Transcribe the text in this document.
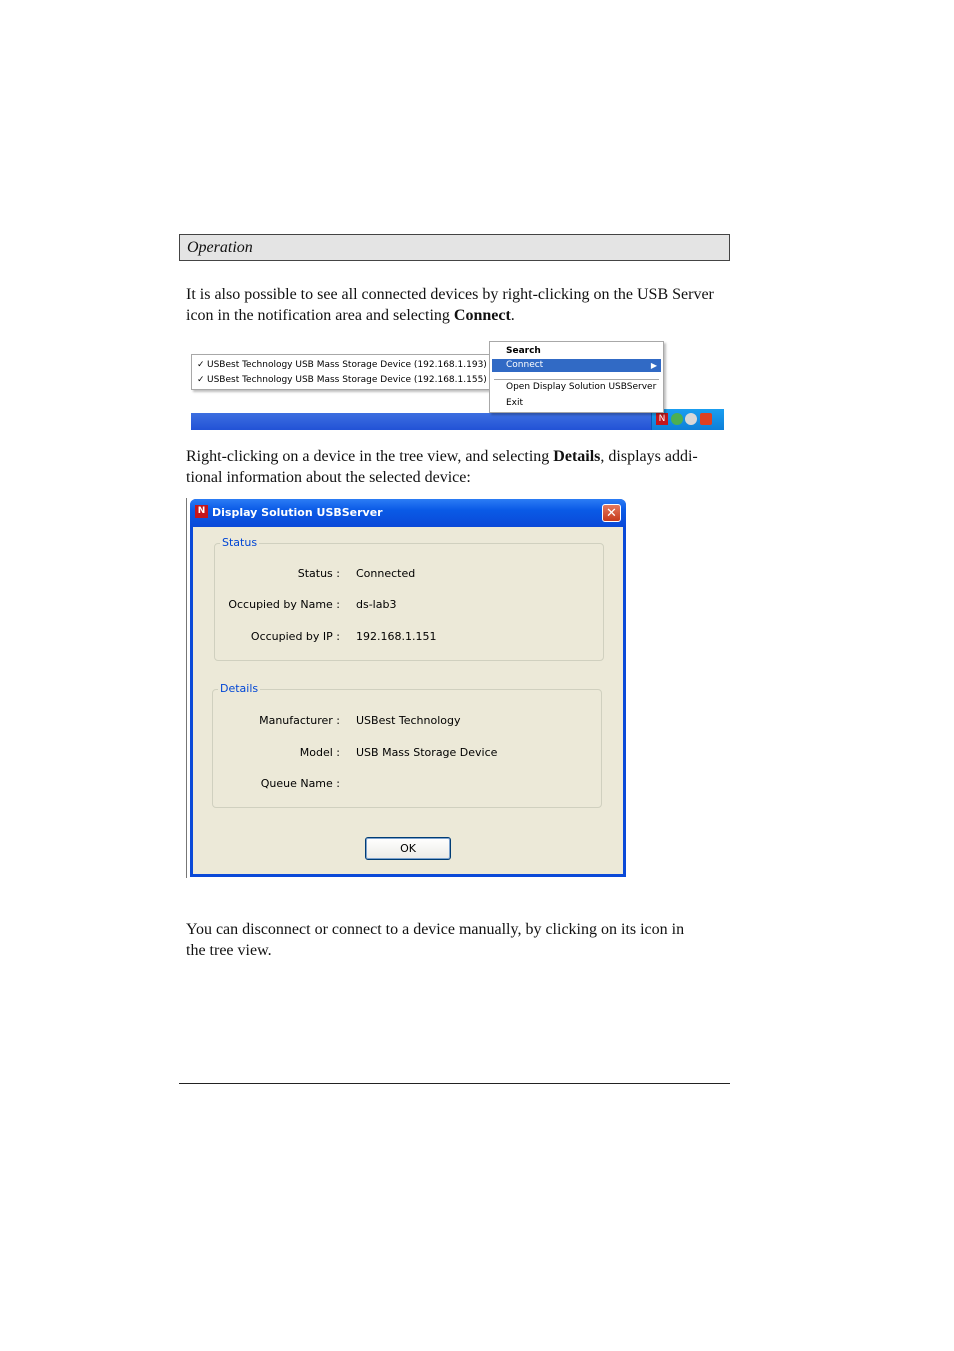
Operation

It is also possible to see all connected devices by right-clicking on the USB Server
icon in the notification area and selecting Connect.

N
✓ USBest Technology USB Mass Storage Device (192.168.1.193)
✓ USBest Technology USB Mass Storage Device (192.168.1.155)
Search
Connect	▶
Open Display Solution USBServer
Exit

Right-clicking on a device in the tree view, and selecting Details, displays addi-
tional information about the selected device:

N Display Solution USBServer	✕
Status
Status : Connected
Occupied by Name : ds-lab3
Occupied by IP : 192.168.1.151
Details
Manufacturer : USBest Technology
Model : USB Mass Storage Device
Queue Name :
OK

You can disconnect or connect to a device manually, by clicking on its icon in
the tree view.
